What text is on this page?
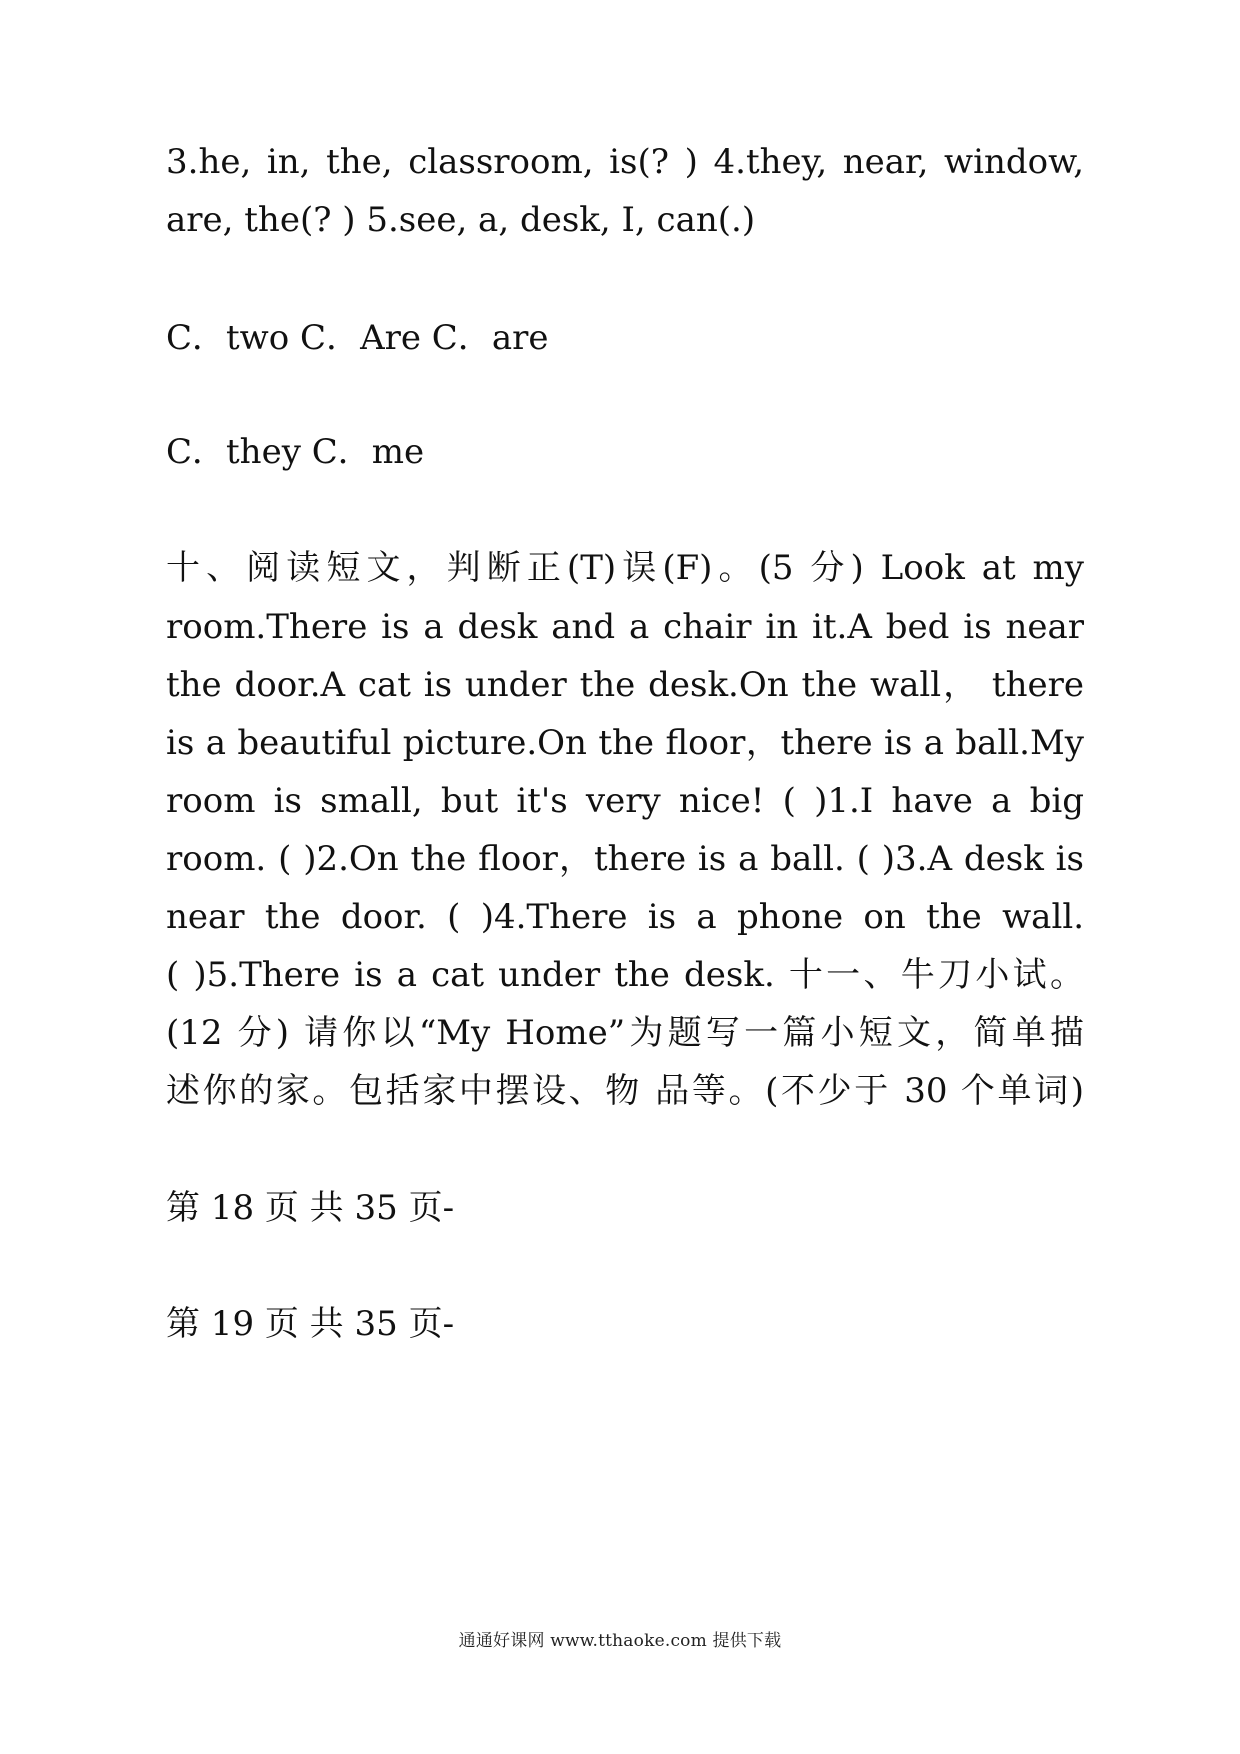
3.he, in, the, classroom, is(? ) 4.they, near, window,
are, the(? ) 5.see, a, desk, I, can(.)
C．two C．Are C．are
C．they C．me
十、阅读短文，判断正(T)误(F)。(5 分) Look at my
room.There is a desk and a chair in it.A bed is near
the door.A cat is under the desk.On the wall， there
is a beautiful picture.On the floor，there is a ball.My
room is small, but it's very nice! ( )1.I have a big
room. ( )2.On the floor，there is a ball. ( )3.A desk is
near the door. ( )4.There is a phone on the wall.
( )5.There is a cat under the desk. 十一、牛刀小试。
(12 分) 请你以“My Home”为题写一篇小短文，简单描
述你的家。包括家中摆设、物 品等。(不少于 30 个单词)
第 18 页 共 35 页-
第 19 页 共 35 页-
通通好课网 www.tthaoke.com 提供下载
